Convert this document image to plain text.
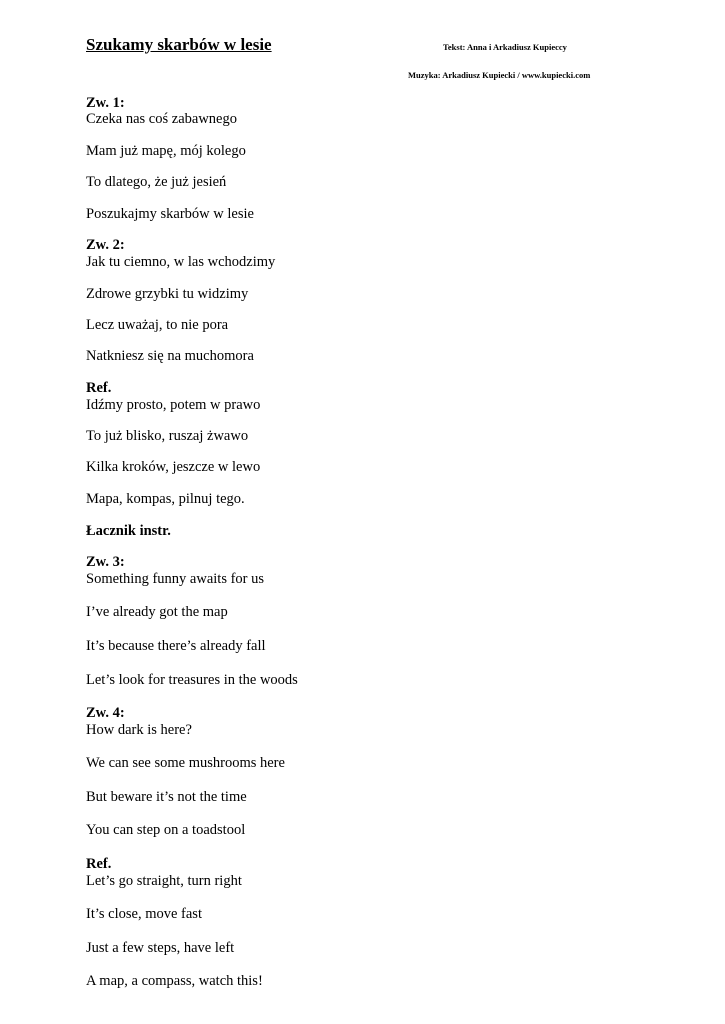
Szukamy skarbów w lesie	Tekst: Anna i Arkadiusz Kupieccy
Muzyka: Arkadiusz Kupiecki / www.kupiecki.com
Zw. 1:
Czeka nas coś zabawnego
Mam już mapę, mój kolego
To dlatego, że już jesień
Poszukajmy skarbów w lesie
Zw. 2:
Jak tu ciemno, w las wchodzimy
Zdrowe grzybki tu widzimy
Lecz uważaj, to nie pora
Natkniesz się na muchomora
Ref.
Idźmy prosto, potem w prawo
To już blisko, ruszaj żwawo
Kilka kroków, jeszcze w lewo
Mapa, kompas, pilnuj tego.
Łacznik instr.
Zw. 3:
Something funny awaits for us
I’ve already got the map
It’s because there’s already fall
Let’s look for treasures in the woods
Zw. 4:
How dark is here?
We can see some mushrooms here
But beware it’s not the time
You can step on a toadstool
Ref.
Let’s go straight, turn right
It’s close, move fast
Just a few steps, have left
A map, a compass, watch this!
